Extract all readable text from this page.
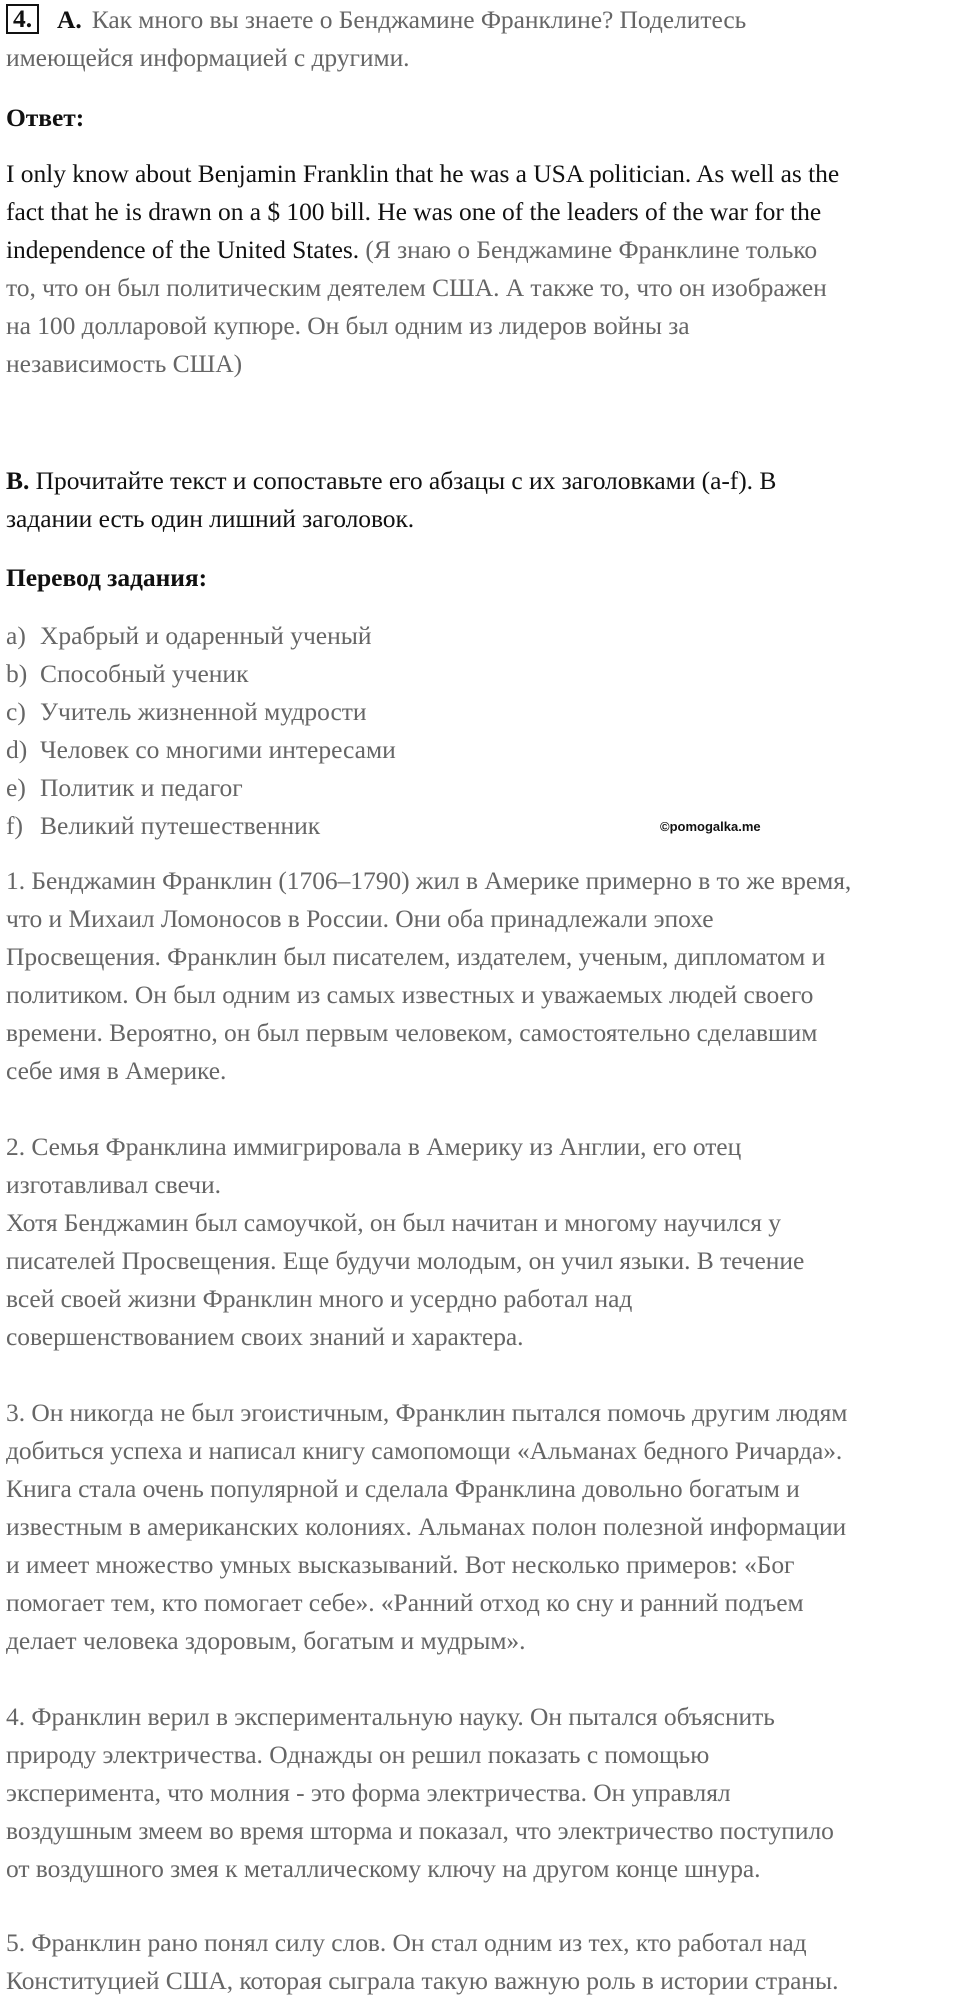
4. А. Как много вы знаете о Бенджамине Франклине? Поделитесь
имеющейся информацией с другими.
Ответ:
I only know about Benjamin Franklin that he was a USA politician. As well as the
fact that he is drawn on a $ 100 bill. He was one of the leaders of the war for the
independence of the United States. (Я знаю о Бенджамине Франклине только
то, что он был политическим деятелем США. А также то, что он изображен
на 100 долларовой купюре. Он был одним из лидеров войны за
независимость США)
B. Прочитайте текст и сопоставьте его абзацы с их заголовками (a-f). В
задании есть один лишний заголовок.
Перевод задания:
a) Храбрый и одаренный ученый
b) Способный ученик
c) Учитель жизненной мудрости
d) Человек со многими интересами
e) Политик и педагог
f) Великий путешественник	©pomogalka.me
1. Бенджамин Франклин (1706–1790) жил в Америке примерно в то же время,
что и Михаил Ломоносов в России. Они оба принадлежали эпохе
Просвещения. Франклин был писателем, издателем, ученым, дипломатом и
политиком. Он был одним из самых известных и уважаемых людей своего
времени. Вероятно, он был первым человеком, самостоятельно сделавшим
себе имя в Америке.
2. Семья Франклина иммигрировала в Америку из Англии, его отец
изготавливал свечи.
Хотя Бенджамин был самоучкой, он был начитан и многому научился у
писателей Просвещения. Еще будучи молодым, он учил языки. В течение
всей своей жизни Франклин много и усердно работал над
совершенствованием своих знаний и характера.
3. Он никогда не был эгоистичным, Франклин пытался помочь другим людям
добиться успеха и написал книгу самопомощи «Альманах бедного Ричарда».
Книга стала очень популярной и сделала Франклина довольно богатым и
известным в американских колониях. Альманах полон полезной информации
и имеет множество умных высказываний. Вот несколько примеров: «Бог
помогает тем, кто помогает себе». «Ранний отход ко сну и ранний подъем
делает человека здоровым, богатым и мудрым».
4. Франклин верил в экспериментальную науку. Он пытался объяснить
природу электричества. Однажды он решил показать с помощью
эксперимента, что молния - это форма электричества. Он управлял
воздушным змеем во время шторма и показал, что электричество поступило
от воздушного змея к металлическому ключу на другом конце шнура.
5. Франклин рано понял силу слов. Он стал одним из тех, кто работал над
Конституцией США, которая сыграла такую важную роль в истории страны.
